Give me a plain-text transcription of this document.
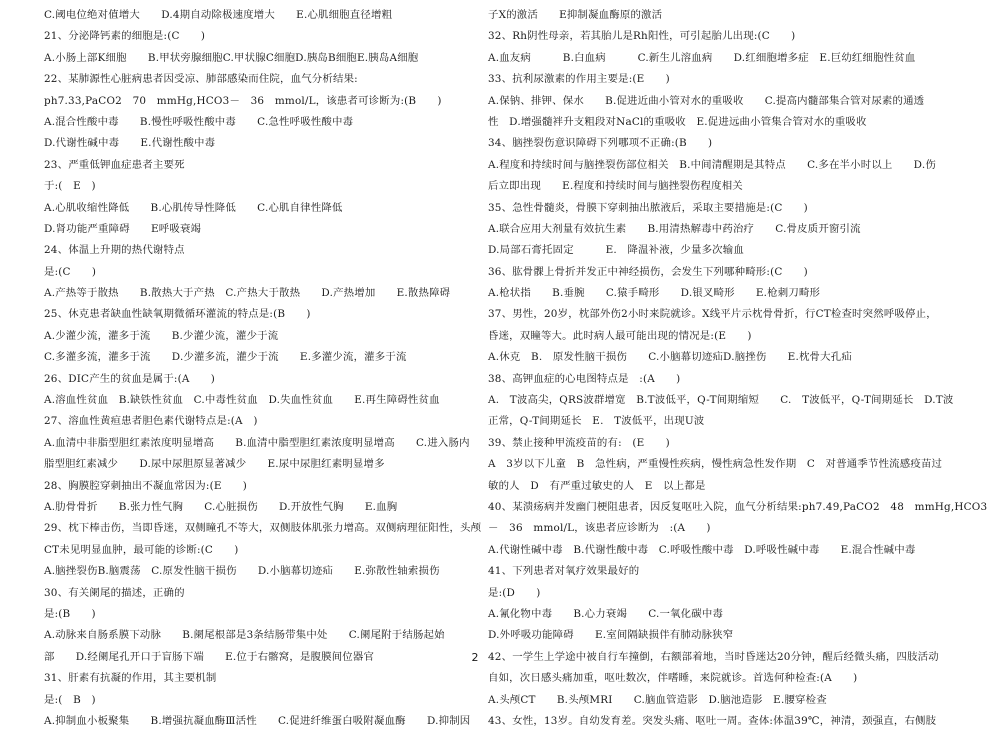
C.阈电位绝对值增大　　D.4期自动除极速度增大　　E.心肌细胞直径增粗
21、分泌降钙素的细胞是:(C　　)
A.小肠上部K细胞　　B.甲状旁腺细胞C.甲状腺C细胞D.胰岛B细胞E.胰岛A细胞
22、某肺源性心脏病患者因受凉、肺部感染而住院，血气分析结果:
ph7.33,PaCO2　70　mmHg,HCO3－　36　mmol/L，该患者可诊断为:(B　　)
A.混合性酸中毒　　B.慢性呼吸性酸中毒　　C.急性呼吸性酸中毒
D.代谢性碱中毒　　E.代谢性酸中毒
23、严重低钾血症患者主要死
于:(　E　)
A.心肌收缩性降低　　B.心肌传导性降低　　C.心肌自律性降低
D.肾功能严重障碍　　E呼吸衰竭
24、体温上升期的热代谢特点
是:(C　　)
A.产热等于散热　　B.散热大于产热　C.产热大于散热　　D.产热增加　　E.散热障碍
25、休克患者缺血性缺氧期微循环灌流的特点是:(B　　)
A.少灌少流，灌多于流　　B.少灌少流，灌少于流
C.多灌多流，灌多于流　　D.少灌多流，灌少于流　　E.多灌少流，灌多于流
26、DIC产生的贫血是属于:(A　　)
A.溶血性贫血　B.缺铁性贫血　C.中毒性贫血　D.失血性贫血　　E.再生障碍性贫血
27、溶血性黄疸患者胆色素代谢特点是:(A　)
A.血清中非脂型胆红素浓度明显增高　　B.血清中脂型胆红素浓度明显增高　　C.进入肠内
脂型胆红素减少　　D.尿中尿胆原显著减少　　E.尿中尿胆红素明显增多
28、胸膜腔穿刺抽出不凝血常因为:(E　　)
A.肋骨骨折　　B.张力性气胸　　C.心脏损伤　　D.开放性气胸　　E.血胸
29、枕下棒击伤，当即昏迷，双侧瞳孔不等大，双侧肢体肌张力增高。双侧病理征阳性，头颅
CT未见明显血肿，最可能的诊断:(C　　)
A.脑挫裂伤B.脑震荡　C.原发性脑干损伤　　D.小脑幕切迹疝　　E.弥散性轴索损伤
30、有关阑尾的描述，正确的
是:(B　　)
A.动脉来自肠系膜下动脉　　B.阑尾根部是3条结肠带集中处　　C.阑尾附于结肠起始
部　　D.经阑尾孔开口于盲肠下端　　E.位于右髂窝，是腹膜间位器官
31、肝素有抗凝的作用，其主要机制
是:(　B　)
A.抑制血小板聚集　　B.增强抗凝血酶Ⅲ活性　　C.促进纤维蛋白吸附凝血酶　　D.抑制因
子X的激活　　E抑制凝血酶原的激活
32、Rh阴性母亲，若其胎儿是Rh阳性，可引起胎儿出现:(C　　)
A.血友病　　　B.白血病　　　C.新生儿溶血病　　D.红细胞增多症　E.巨幼红细胞性贫血
33、抗利尿激素的作用主要是:(E　　)
A.保钠、排钾、保水　　B.促进近曲小管对水的重吸收　　C.提高内髓部集合管对尿素的通透
性　D.增强髓袢升支粗段对NaCl的重吸收　E.促进远曲小管集合管对水的重吸收
34、脑挫裂伤意识障碍下列哪项不正确:(B　　)
A.程度和持续时间与脑挫裂伤部位相关　B.中间清醒期是其特点　　C.多在半小时以上　　D.伤
后立即出现　　E.程度和持续时间与脑挫裂伤程度相关
35、急性骨髓炎，骨膜下穿刺抽出脓液后，采取主要措施是:(C　　)
A.联合应用大剂量有效抗生素　　B.用清热解毒中药治疗　　C.骨皮质开窗引流
D.局部石膏托固定　　　E.　降温补液，少量多次输血
36、肱骨髁上骨折并发正中神经损伤，会发生下列哪种畸形:(C　　)
A.枪状指　　B.垂腕　　C.猿手畸形　　D.银叉畸形　　E.枪刺刀畸形
37、男性，20岁，枕部外伤2小时来院就诊。X线平片示枕骨骨折，行CT检查时突然呼吸停止，
昏迷，双瞳等大。此时病人最可能出现的情况是:(E　　)
A.休克　B.　原发性脑干损伤　　C.小脑幕切迹疝D.脑挫伤　　E.枕骨大孔疝
38、高钾血症的心电图特点是　:(A　　)
A.　T波高尖，QRS波群增宽　B.T波低平，Q-T间期缩短　　C.　T波低平，Q-T间期延长　D.T波
正常，Q-T间期延长　E.　T波低平，出现U波
39、禁止接种甲流疫苗的有:　(E　　)
A　3岁以下儿童　B　急性病，严重慢性疾病，慢性病急性发作期　C　对普通季节性流感疫苗过
敏的人　D　有严重过敏史的人　E　以上都是
40、某溃疡病并发幽门梗阻患者，因反复呕吐入院，血气分析结果:ph7.49,PaCO2　48　mmHg,HCO3
－　36　mmol/L，该患者应诊断为　:(A　　)
A.代谢性碱中毒　B.代谢性酸中毒　C.呼吸性酸中毒　D.呼吸性碱中毒　　E.混合性碱中毒
41、下列患者对氧疗效果最好的
是:(D　　)
A.氰化物中毒　　B.心力衰竭　　C.一氧化碳中毒
D.外呼吸功能障碍　　E.室间隔缺损伴有肺动脉狭窄
42、一学生上学途中被自行车撞倒，右额部着地，当时昏迷达20分钟，醒后经微头痛，四肢活动
自如，次日感头痛加重，呕吐数次，伴嗜睡，来院就诊。首选何种检查:(A　　)
A.头颅CT　　B.头颅MRI　　C.脑血管造影　D.脑池造影　E.腰穿检查
43、女性，13岁。自幼发育差。突发头痛、呕吐一周。查体:体温39℃，神清，颈强直，右侧肢
2
